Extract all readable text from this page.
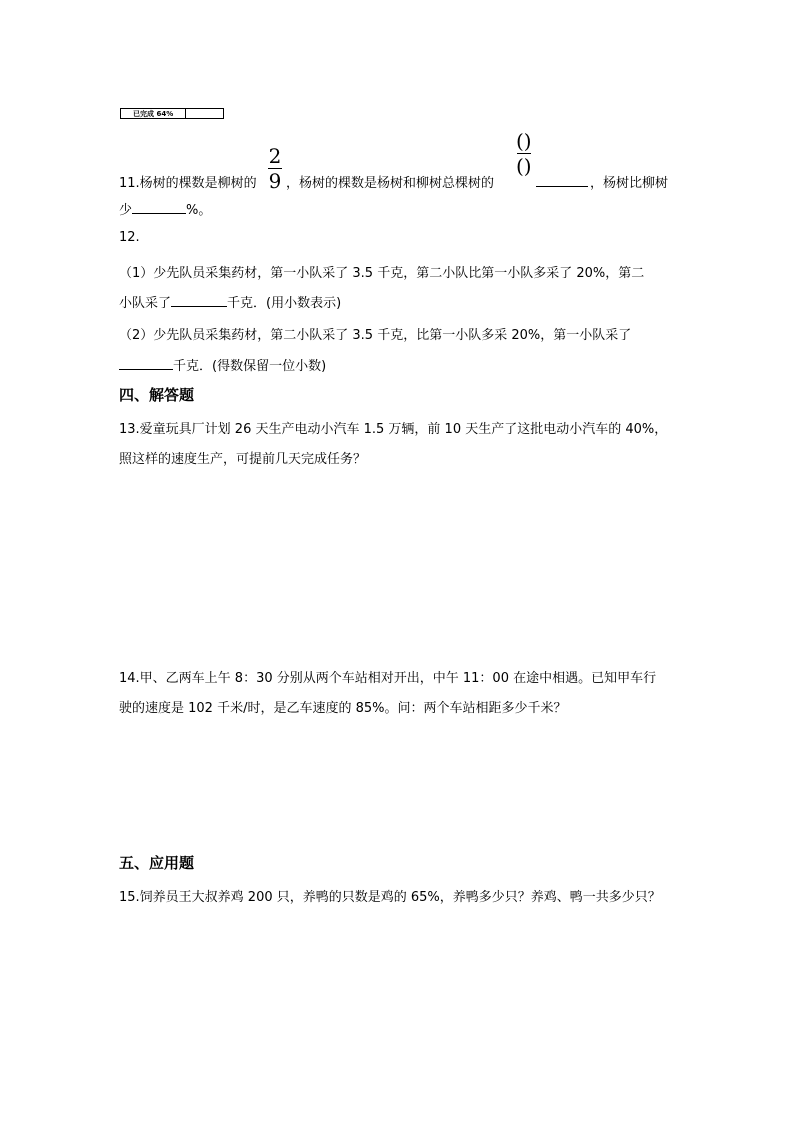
已完成 64%
2
9
()
()
11.杨树的棵数是柳树的 ，杨树的棵数是杨树和柳树总棵树的	，杨树比柳树
少	%。
12.
（1）少先队员采集药材，第一小队采了 3.5 千克，第二小队比第一小队多采了 20%，第二
小队采了	千克．(用小数表示)
（2）少先队员采集药材，第二小队采了 3.5 千克，比第一小队多采 20%，第一小队采了
千克．(得数保留一位小数)
四、解答题
13.爱童玩具厂计划 26 天生产电动小汽车 1.5 万辆，前 10 天生产了这批电动小汽车的 40%，
照这样的速度生产，可提前几天完成任务？
14.甲、乙两车上午 8：30 分别从两个车站相对开出，中午 11：00 在途中相遇。已知甲车行
驶的速度是 102 千米/时，是乙车速度的 85%。问：两个车站相距多少千米？
五、应用题
15.饲养员王大叔养鸡 200 只，养鸭的只数是鸡的 65%，养鸭多少只？养鸡、鸭一共多少只？
